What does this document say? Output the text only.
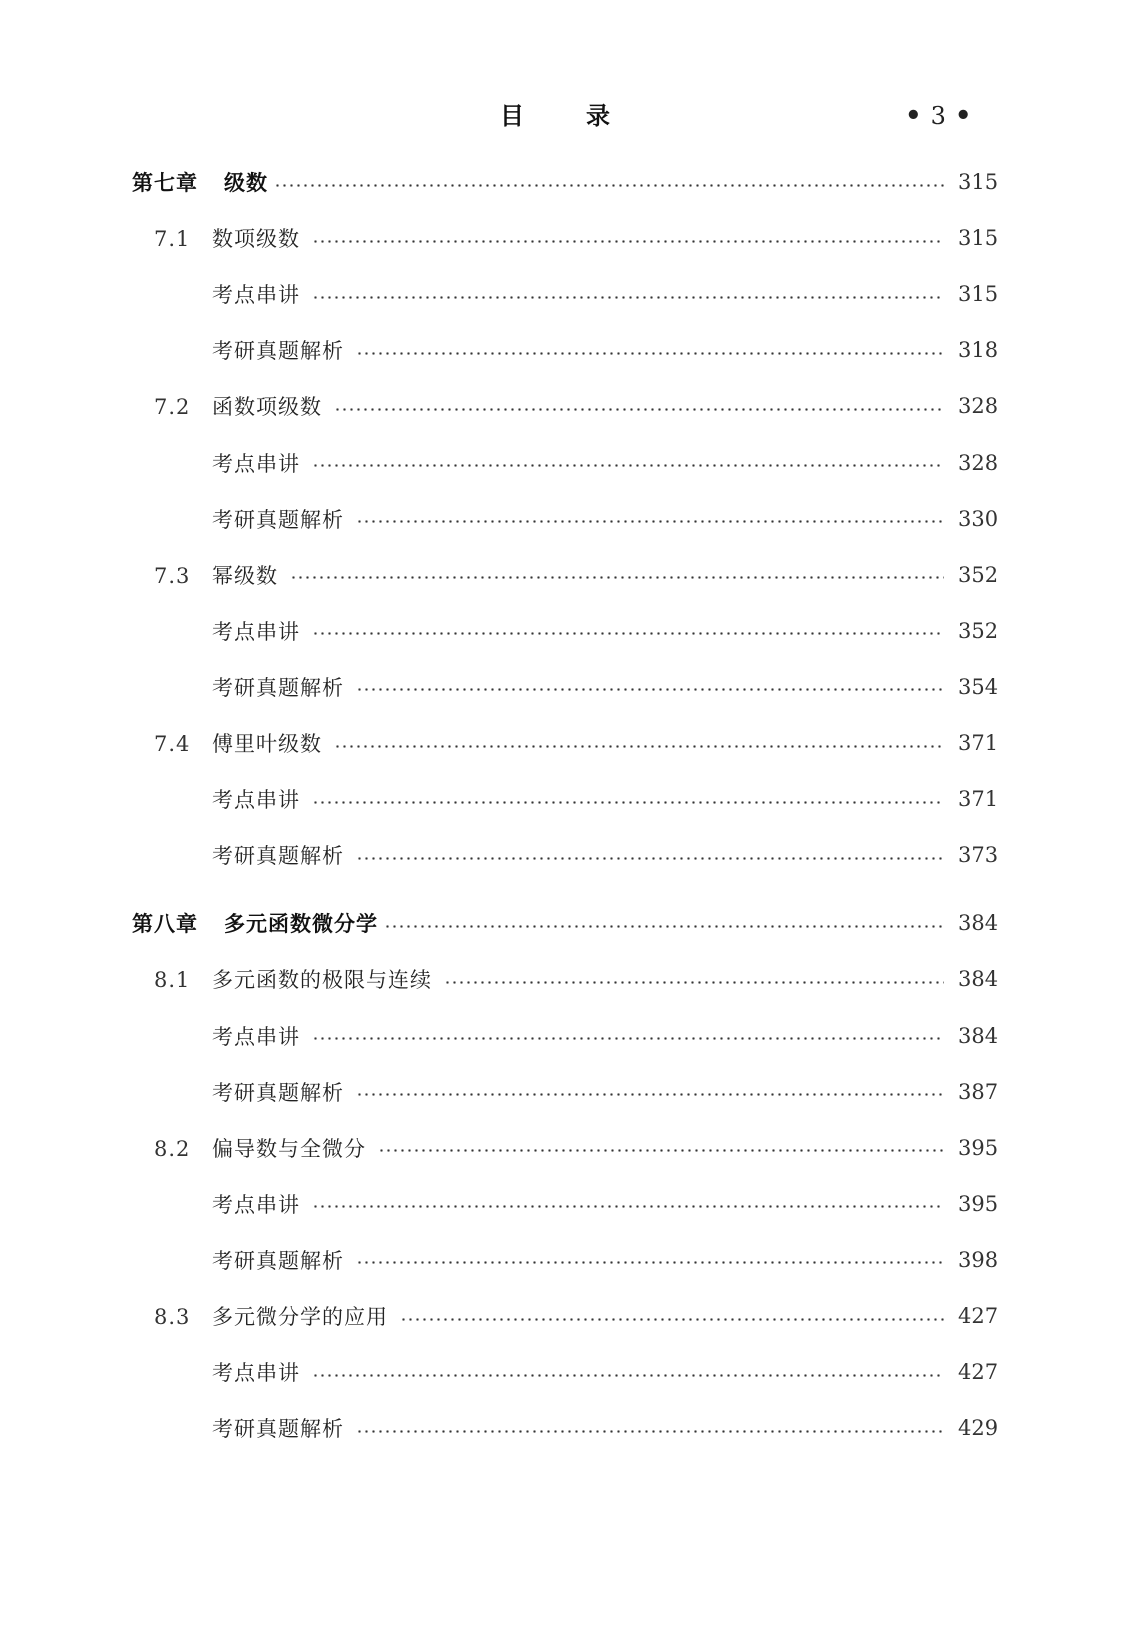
目录	• 3 •
第七章 级数	315
7.1 数项级数	315
考点串讲	315
考研真题解析	318
7.2 函数项级数	328
考点串讲	328
考研真题解析	330
7.3 幂级数	352
考点串讲	352
考研真题解析	354
7.4 傅里叶级数	371
考点串讲	371
考研真题解析	373
第八章 多元函数微分学	384
8.1 多元函数的极限与连续	384
考点串讲	384
考研真题解析	387
8.2 偏导数与全微分	395
考点串讲	395
考研真题解析	398
8.3 多元微分学的应用	427
考点串讲	427
考研真题解析	429
